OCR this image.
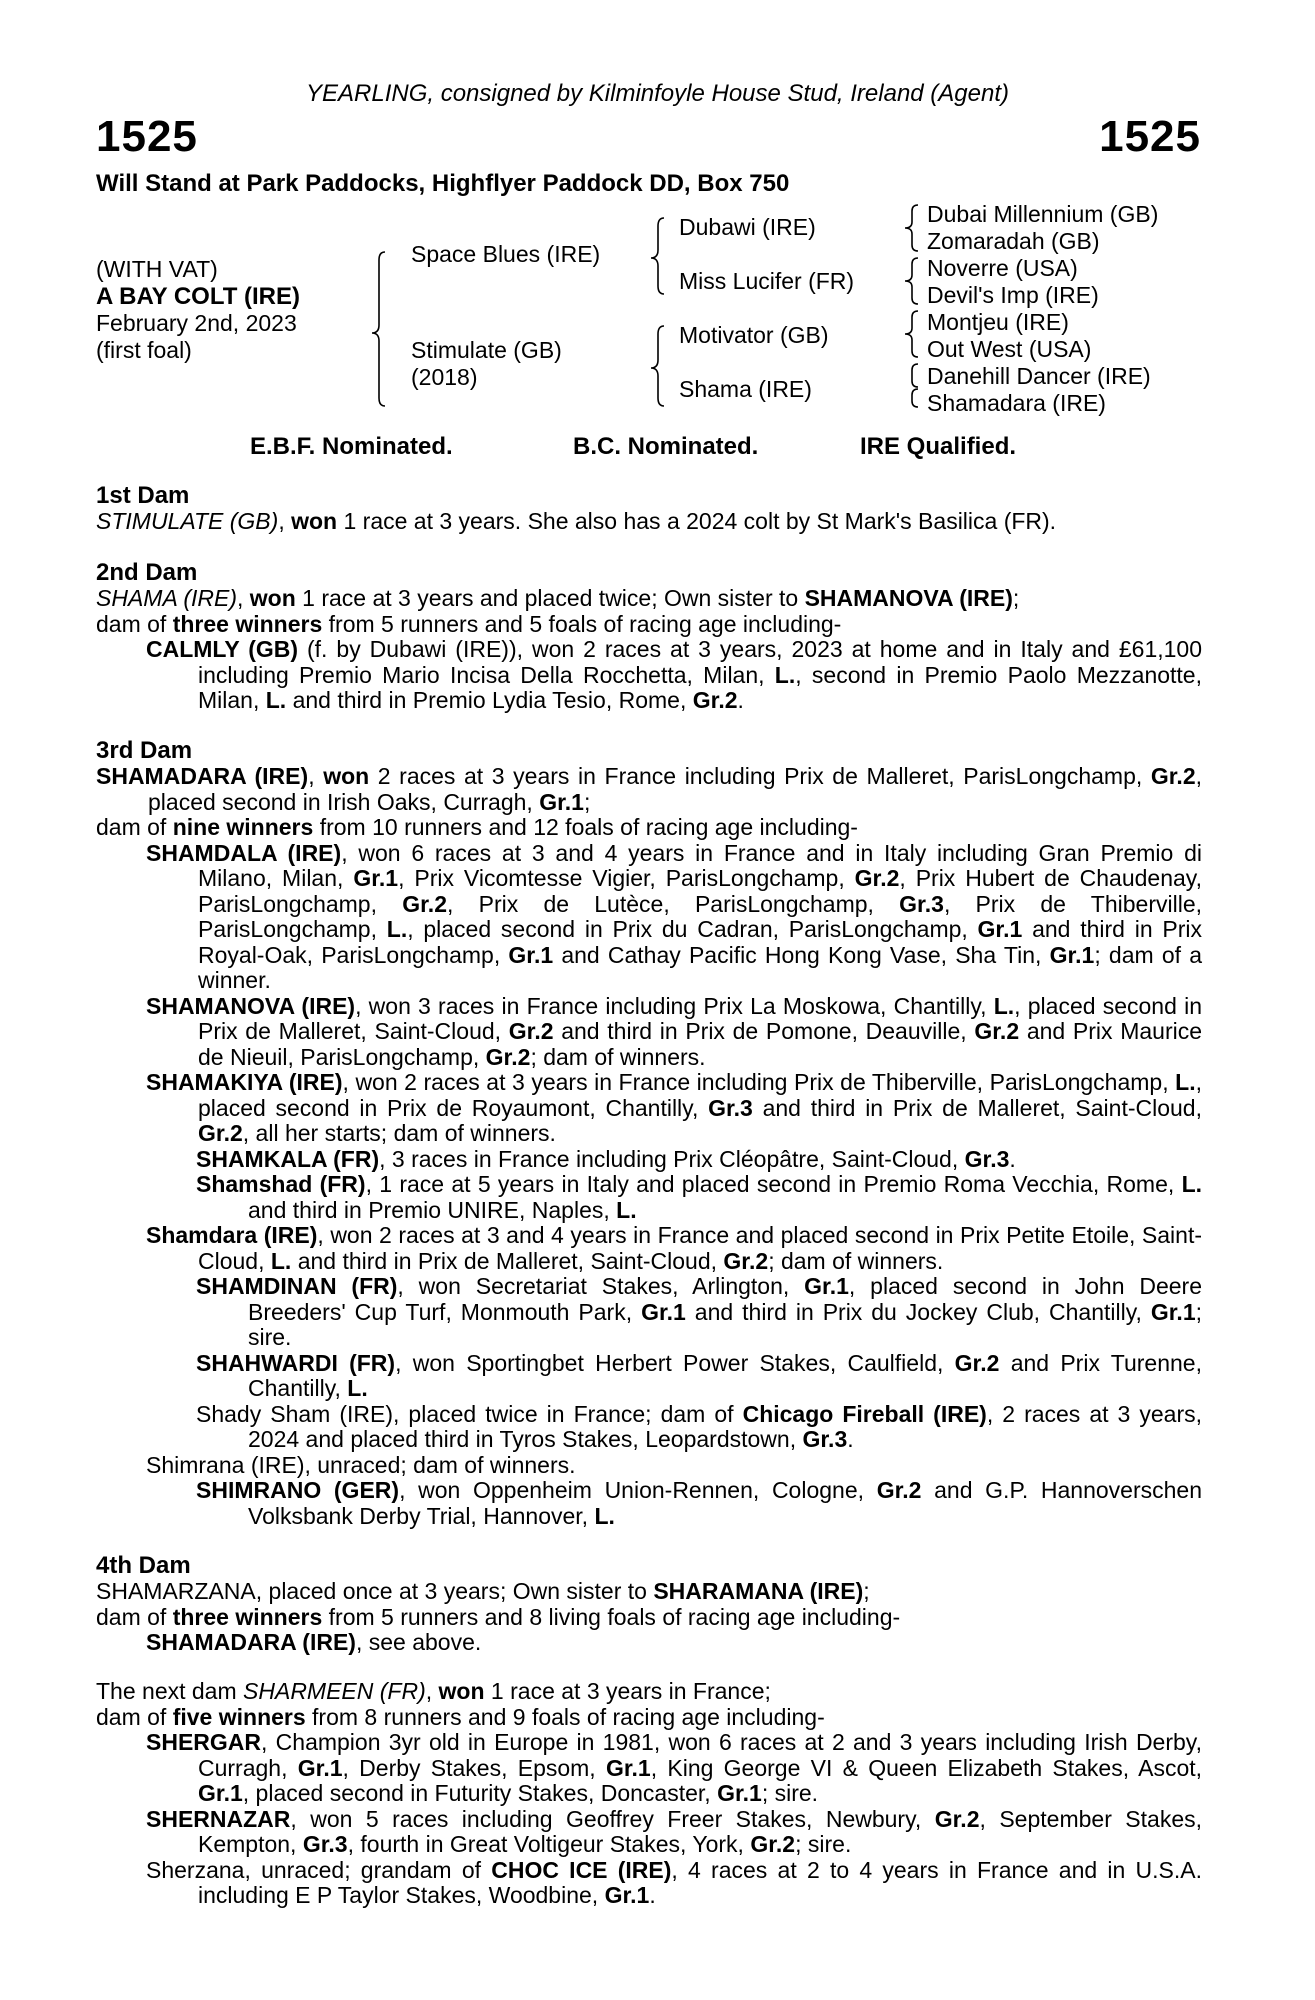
YEARLING, consigned by Kilminfoyle House Stud, Ireland (Agent)
1525	1525
Will Stand at Park Paddocks, Highflyer Paddock DD, Box 750
(WITH VAT)
A BAY COLT (IRE)
February 2nd, 2023
(first foal)
Space Blues (IRE)
Stimulate (GB)
(2018)
Dubawi (IRE)
Miss Lucifer (FR)
Motivator (GB)
Shama (IRE)
Dubai Millennium (GB)
Zomaradah (GB)
Noverre (USA)
Devil's Imp (IRE)
Montjeu (IRE)
Out West (USA)
Danehill Dancer (IRE)
Shamadara (IRE)
E.B.F. Nominated.	B.C. Nominated.	IRE Qualified.

1st Dam

STIMULATE (GB), won 1 race at 3 years. She also has a 2024 colt by St Mark's Basilica (FR).

2nd Dam

SHAMA (IRE), won 1 race at 3 years and placed twice; Own sister to SHAMANOVA (IRE);

dam of three winners from 5 runners and 5 foals of racing age including-

CALMLY (GB) (f. by Dubawi (IRE)), won 2 races at 3 years, 2023 at home and in Italy and £61,100 including Premio Mario Incisa Della Rocchetta, Milan, L., second in Premio Paolo Mezzanotte, Milan, L. and third in Premio Lydia Tesio, Rome, Gr.2.

3rd Dam

SHAMADARA (IRE), won 2 races at 3 years in France including Prix de Malleret, ParisLongchamp, Gr.2, placed second in Irish Oaks, Curragh, Gr.1;

dam of nine winners from 10 runners and 12 foals of racing age including-

SHAMDALA (IRE), won 6 races at 3 and 4 years in France and in Italy including Gran Premio di Milano, Milan, Gr.1, Prix Vicomtesse Vigier, ParisLongchamp, Gr.2, Prix Hubert de Chaudenay, ParisLongchamp, Gr.2, Prix de Lutèce, ParisLongchamp, Gr.3, Prix de Thiberville, ParisLongchamp, L., placed second in Prix du Cadran, ParisLongchamp, Gr.1 and third in Prix Royal-Oak, ParisLongchamp, Gr.1 and Cathay Pacific Hong Kong Vase, Sha Tin, Gr.1; dam of a winner.

SHAMANOVA (IRE), won 3 races in France including Prix La Moskowa, Chantilly, L., placed second in Prix de Malleret, Saint-Cloud, Gr.2 and third in Prix de Pomone, Deauville, Gr.2 and Prix Maurice de Nieuil, ParisLongchamp, Gr.2; dam of winners.

SHAMAKIYA (IRE), won 2 races at 3 years in France including Prix de Thiberville, ParisLongchamp, L., placed second in Prix de Royaumont, Chantilly, Gr.3 and third in Prix de Malleret, Saint-Cloud, Gr.2, all her starts; dam of winners.

SHAMKALA (FR), 3 races in France including Prix Cléopâtre, Saint-Cloud, Gr.3.

Shamshad (FR), 1 race at 5 years in Italy and placed second in Premio Roma Vecchia, Rome, L. and third in Premio UNIRE, Naples, L.

Shamdara (IRE), won 2 races at 3 and 4 years in France and placed second in Prix Petite Etoile, Saint-Cloud, L. and third in Prix de Malleret, Saint-Cloud, Gr.2; dam of winners.

SHAMDINAN (FR), won Secretariat Stakes, Arlington, Gr.1, placed second in John Deere Breeders' Cup Turf, Monmouth Park, Gr.1 and third in Prix du Jockey Club, Chantilly, Gr.1; sire.

SHAHWARDI (FR), won Sportingbet Herbert Power Stakes, Caulfield, Gr.2 and Prix Turenne, Chantilly, L.

Shady Sham (IRE), placed twice in France; dam of Chicago Fireball (IRE), 2 races at 3 years, 2024 and placed third in Tyros Stakes, Leopardstown, Gr.3.

Shimrana (IRE), unraced; dam of winners.

SHIMRANO (GER), won Oppenheim Union-Rennen, Cologne, Gr.2 and G.P. Hannoverschen Volksbank Derby Trial, Hannover, L.

4th Dam

SHAMARZANA, placed once at 3 years; Own sister to SHARAMANA (IRE);

dam of three winners from 5 runners and 8 living foals of racing age including-

SHAMADARA (IRE), see above.

The next dam SHARMEEN (FR), won 1 race at 3 years in France;

dam of five winners from 8 runners and 9 foals of racing age including-

SHERGAR, Champion 3yr old in Europe in 1981, won 6 races at 2 and 3 years including Irish Derby, Curragh, Gr.1, Derby Stakes, Epsom, Gr.1, King George VI & Queen Elizabeth Stakes, Ascot, Gr.1, placed second in Futurity Stakes, Doncaster, Gr.1; sire.

SHERNAZAR, won 5 races including Geoffrey Freer Stakes, Newbury, Gr.2, September Stakes, Kempton, Gr.3, fourth in Great Voltigeur Stakes, York, Gr.2; sire.

Sherzana, unraced; grandam of CHOC ICE (IRE), 4 races at 2 to 4 years in France and in U.S.A. including E P Taylor Stakes, Woodbine, Gr.1.
